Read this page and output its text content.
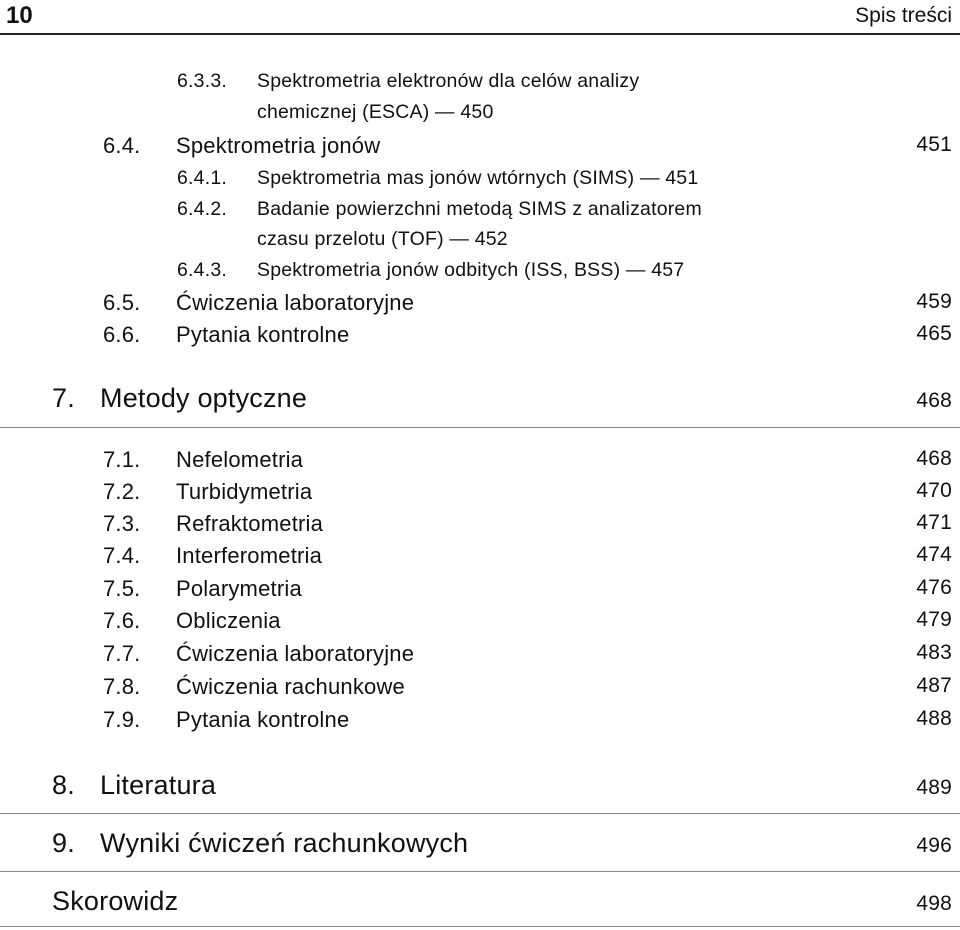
10	Spis treści
6.3.3. Spektrometria elektronów dla celów analizy
chemicznej (ESCA) — 450
6.4. Spektrometria jonów	451
6.4.1. Spektrometria mas jonów wtórnych (SIMS) — 451
6.4.2. Badanie powierzchni metodą SIMS z analizatorem
czasu przelotu (TOF) — 452
6.4.3. Spektrometria jonów odbitych (ISS, BSS) — 457
6.5. Ćwiczenia laboratoryjne	459
6.6. Pytania kontrolne	465
7. Metody optyczne	468
7.1. Nefelometria	468
7.2. Turbidymetria	470
7.3. Refraktometria	471
7.4. Interferometria	474
7.5. Polarymetria	476
7.6. Obliczenia	479
7.7. Ćwiczenia laboratoryjne	483
7.8. Ćwiczenia rachunkowe	487
7.9. Pytania kontrolne	488
8. Literatura	489
9. Wyniki ćwiczeń rachunkowych	496
Skorowidz	498
